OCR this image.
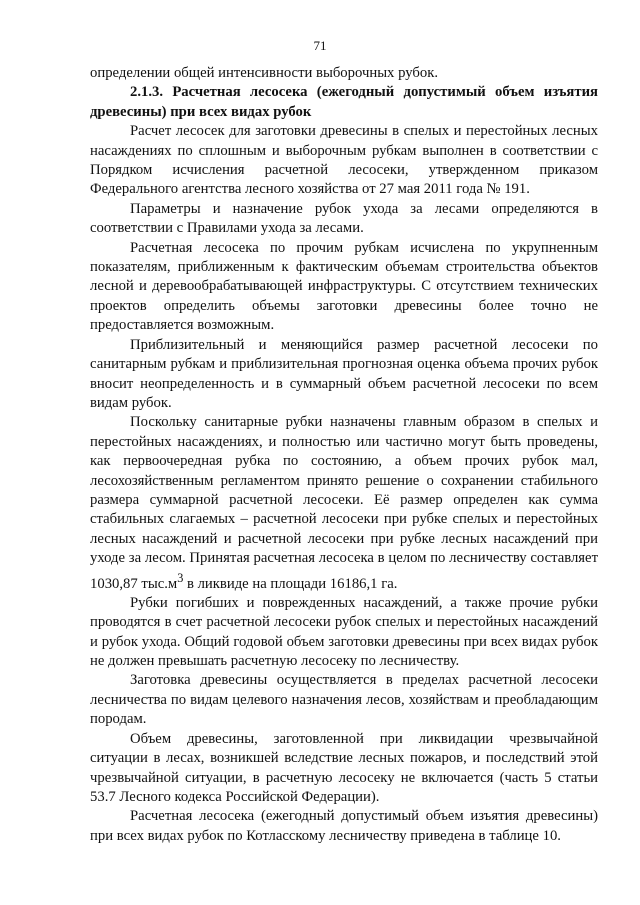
71

определении общей интенсивности выборочных рубок.

2.1.3. Расчетная лесосека (ежегодный допустимый объем изъятия древесины) при всех видах рубок

Расчет лесосек для заготовки древесины в спелых и перестойных лесных насаждениях по сплошным и выборочным рубкам выполнен в соответствии с Порядком исчисления расчетной лесосеки, утвержденном приказом Федерального агентства лесного хозяйства от 27 мая 2011 года № 191.

Параметры и назначение рубок ухода за лесами определяются в соответствии с Правилами ухода за лесами.

Расчетная лесосека по прочим рубкам исчислена по укрупненным показателям, приближенным к фактическим объемам строительства объектов лесной и деревообрабатывающей инфраструктуры. С отсутствием технических проектов определить объемы заготовки древесины более точно не предоставляется возможным.

Приблизительный и меняющийся размер расчетной лесосеки по санитарным рубкам и приблизительная прогнозная оценка объема прочих рубок вносит неопределенность и в суммарный объем расчетной лесосеки по всем видам рубок.

Поскольку санитарные рубки назначены главным образом в спелых и перестойных насаждениях, и полностью или частично могут быть проведены, как первоочередная рубка по состоянию, а объем прочих рубок мал, лесохозяйственным регламентом принято решение о сохранении стабильного размера суммарной расчетной лесосеки. Её размер определен как сумма стабильных слагаемых – расчетной лесосеки при рубке спелых и перестойных лесных насаждений и расчетной лесосеки при рубке лесных насаждений при уходе за лесом. Принятая расчетная лесосека в целом по лесничеству составляет 1030,87 $тыс.м^3$ в ликвиде на площади 16186,1 га.

Рубки погибших и поврежденных насаждений, а также прочие рубки проводятся в счет расчетной лесосеки рубок спелых и перестойных насаждений и рубок ухода. Общий годовой объем заготовки древесины при всех видах рубок не должен превышать расчетную лесосеку по лесничеству.

Заготовка древесины осуществляется в пределах расчетной лесосеки лесничества по видам целевого назначения лесов, хозяйствам и преобладающим породам.

Объем древесины, заготовленной при ликвидации чрезвычайной ситуации в лесах, возникшей вследствие лесных пожаров, и последствий этой чрезвычайной ситуации, в расчетную лесосеку не включается (часть 5 статьи 53.7 Лесного кодекса Российской Федерации).

Расчетная лесосека (ежегодный допустимый объем изъятия древесины) при всех видах рубок по Котласскому лесничеству приведена в таблице 10.
